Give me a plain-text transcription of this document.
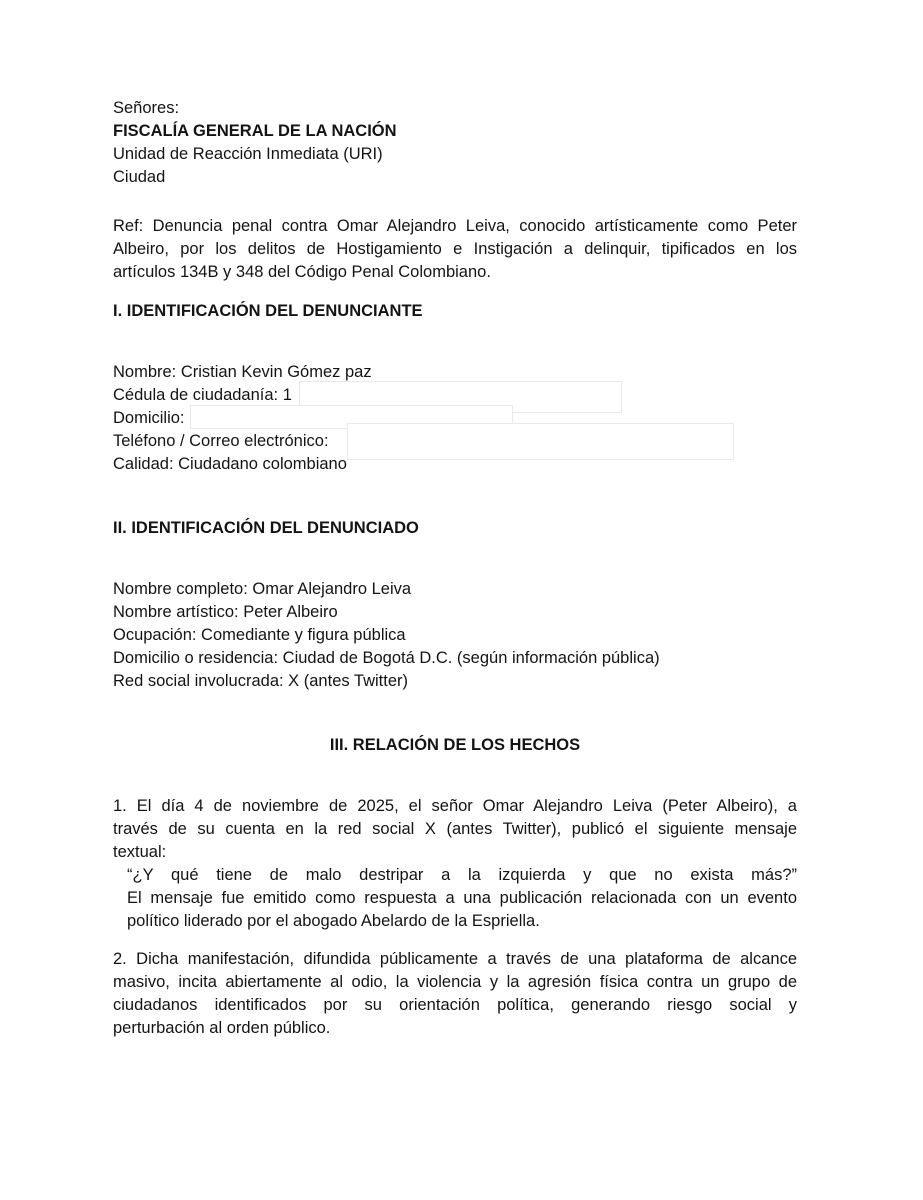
Señores:
FISCALÍA GENERAL DE LA NACIÓN
Unidad de Reacción Inmediata (URI)
Ciudad
Ref: Denuncia penal contra Omar Alejandro Leiva, conocido artísticamente como Peter
Albeiro, por los delitos de Hostigamiento e Instigación a delinquir, tipificados en los
artículos 134B y 348 del Código Penal Colombiano.
I. IDENTIFICACIÓN DEL DENUNCIANTE
Nombre: Cristian Kevin Gómez paz
Cédula de ciudadanía: 1
Domicilio:
Teléfono / Correo electrónico:
Calidad: Ciudadano colombiano
II. IDENTIFICACIÓN DEL DENUNCIADO
Nombre completo: Omar Alejandro Leiva
Nombre artístico: Peter Albeiro
Ocupación: Comediante y figura pública
Domicilio o residencia: Ciudad de Bogotá D.C. (según información pública)
Red social involucrada: X (antes Twitter)
III. RELACIÓN DE LOS HECHOS
1. El día 4 de noviembre de 2025, el señor Omar Alejandro Leiva (Peter Albeiro), a
través de su cuenta en la red social X (antes Twitter), publicó el siguiente mensaje
textual:
“¿Y qué tiene de malo destripar a la izquierda y que no exista más?”
El mensaje fue emitido como respuesta a una publicación relacionada con un evento
político liderado por el abogado Abelardo de la Espriella.
2. Dicha manifestación, difundida públicamente a través de una plataforma de alcance
masivo, incita abiertamente al odio, la violencia y la agresión física contra un grupo de
ciudadanos identificados por su orientación política, generando riesgo social y
perturbación al orden público.
